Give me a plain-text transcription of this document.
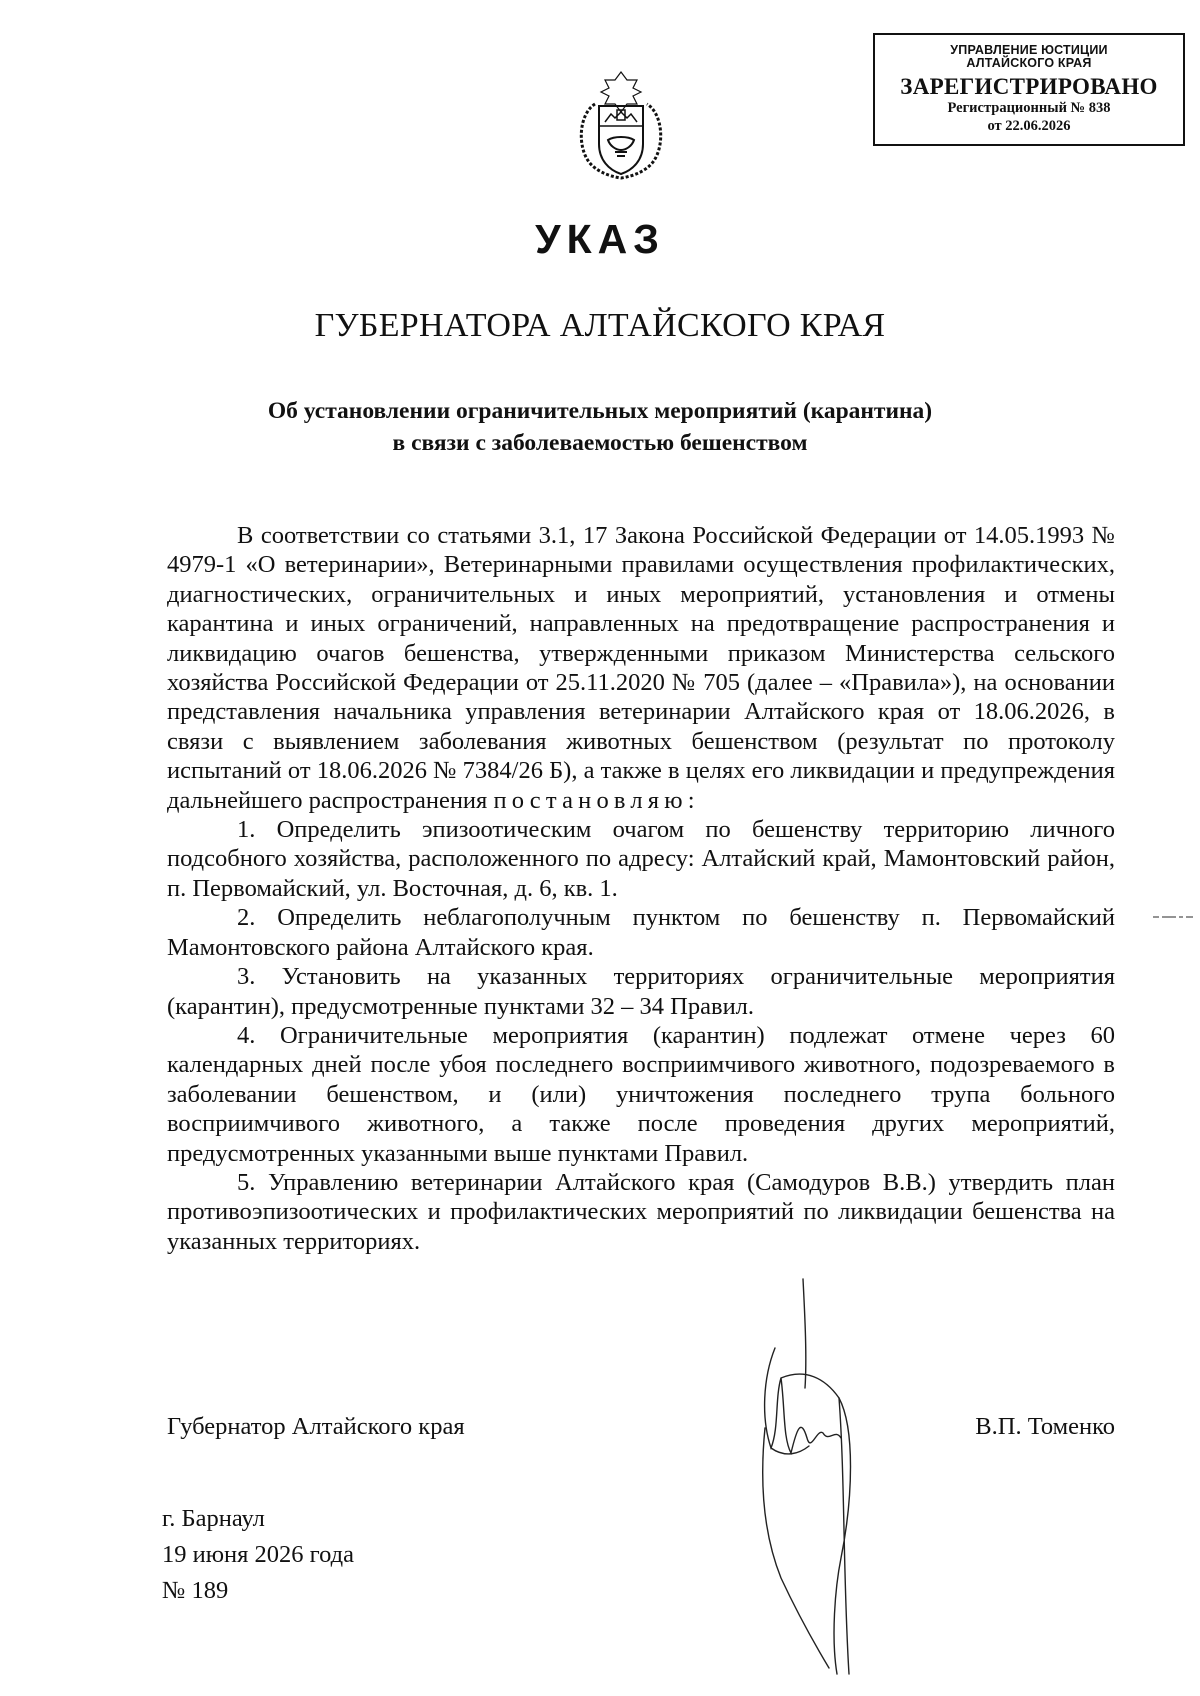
УПРАВЛЕНИЕ ЮСТИЦИИ
АЛТАЙСКОГО КРАЯ
ЗАРЕГИСТРИРОВАНО
Регистрационный № 838
от 22.06.2026
УКАЗ
ГУБЕРНАТОРА АЛТАЙСКОГО КРАЯ
Об установлении ограничительных мероприятий (карантина)
в связи с заболеваемостью бешенством

В соответствии со статьями 3.1, 17 Закона Российской Федерации от 14.05.1993 № 4979-1 «О ветеринарии», Ветеринарными правилами осуществления профилактических, диагностических, ограничительных и иных мероприятий, установления и отмены карантина и иных ограничений, направленных на предотвращение распространения и ликвидацию очагов бешенства, утвержденными приказом Министерства сельского хозяйства Российской Федерации от 25.11.2020 № 705 (далее – «Правила»), на основании представления начальника управления ветеринарии Алтайского края от 18.06.2026, в связи с выявлением заболевания животных бешенством (результат по протоколу испытаний от 18.06.2026 № 7384/26 Б), а также в целях его ликвидации и предупреждения дальнейшего распространения постановляю:

1. Определить эпизоотическим очагом по бешенству территорию личного подсобного хозяйства, расположенного по адресу: Алтайский край, Мамонтовский район, п. Первомайский, ул. Восточная, д. 6, кв. 1.

2. Определить неблагополучным пунктом по бешенству п. Первомайский Мамонтовского района Алтайского края.

3. Установить на указанных территориях ограничительные мероприятия (карантин), предусмотренные пунктами 32 – 34 Правил.

4. Ограничительные мероприятия (карантин) подлежат отмене через 60 календарных дней после убоя последнего восприимчивого животного, подозреваемого в заболевании бешенством, и (или) уничтожения последнего трупа больного восприимчивого животного, а также после проведения других мероприятий, предусмотренных указанными выше пунктами Правил.

5. Управлению ветеринарии Алтайского края (Самодуров В.В.) утвердить план противоэпизоотических и профилактических мероприятий по ликвидации бешенства на указанных территориях.

Губернатор Алтайского края	В.П. Томенко
г. Барнаул
19 июня 2026 года
№ 189
